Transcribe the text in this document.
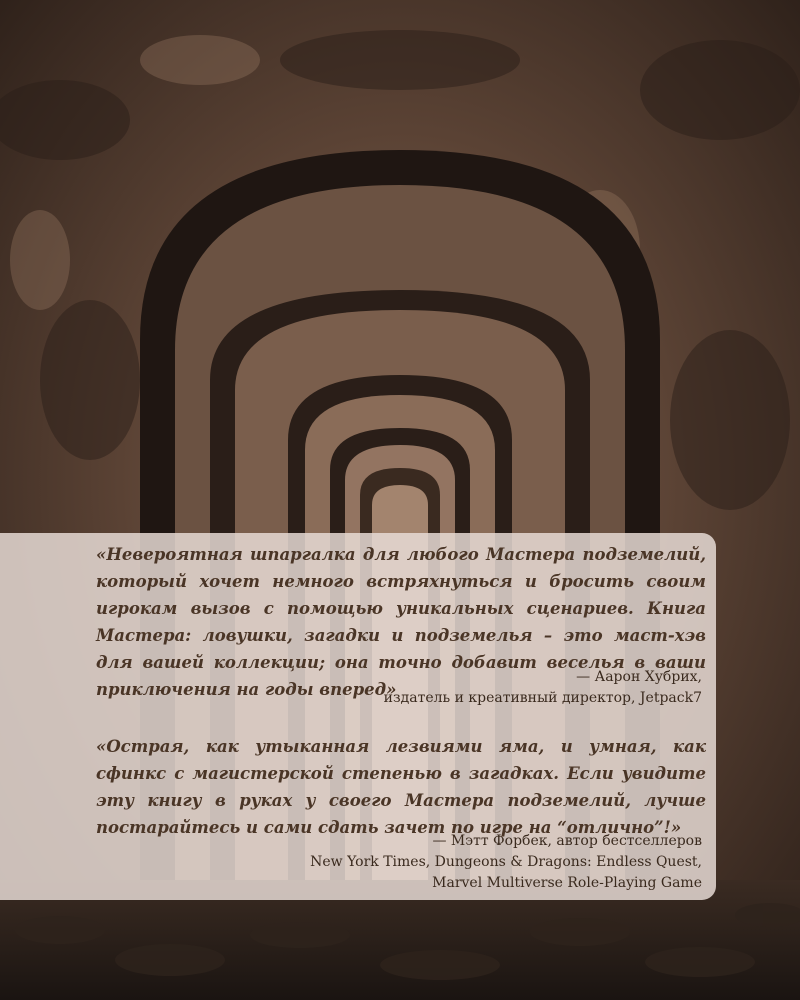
«Невероятная шпаргалка для любого Мастера подземелий, который хочет немного встряхнуться и бросить своим игрокам вызов с помощью уникальных сценариев. Книга Мастера: ловушки, загадки и подземелья – это маст-хэв для вашей коллекции; она точно добавит веселья в ваши приключения на годы вперед»

— Аарон Хубрих,
издатель и креативный директор, Jetpack7

«Острая, как утыканная лезвиями яма, и умная, как сфинкс с магистерской степенью в загадках. Если увидите эту книгу в руках у своего Мастера подземелий, лучше постарайтесь и сами сдать зачет по игре на “отлично”!»

— Мэтт Форбек, автор бестселлеров
New York Times, Dungeons & Dragons: Endless Quest,
Marvel Multiverse Role-Playing Game
